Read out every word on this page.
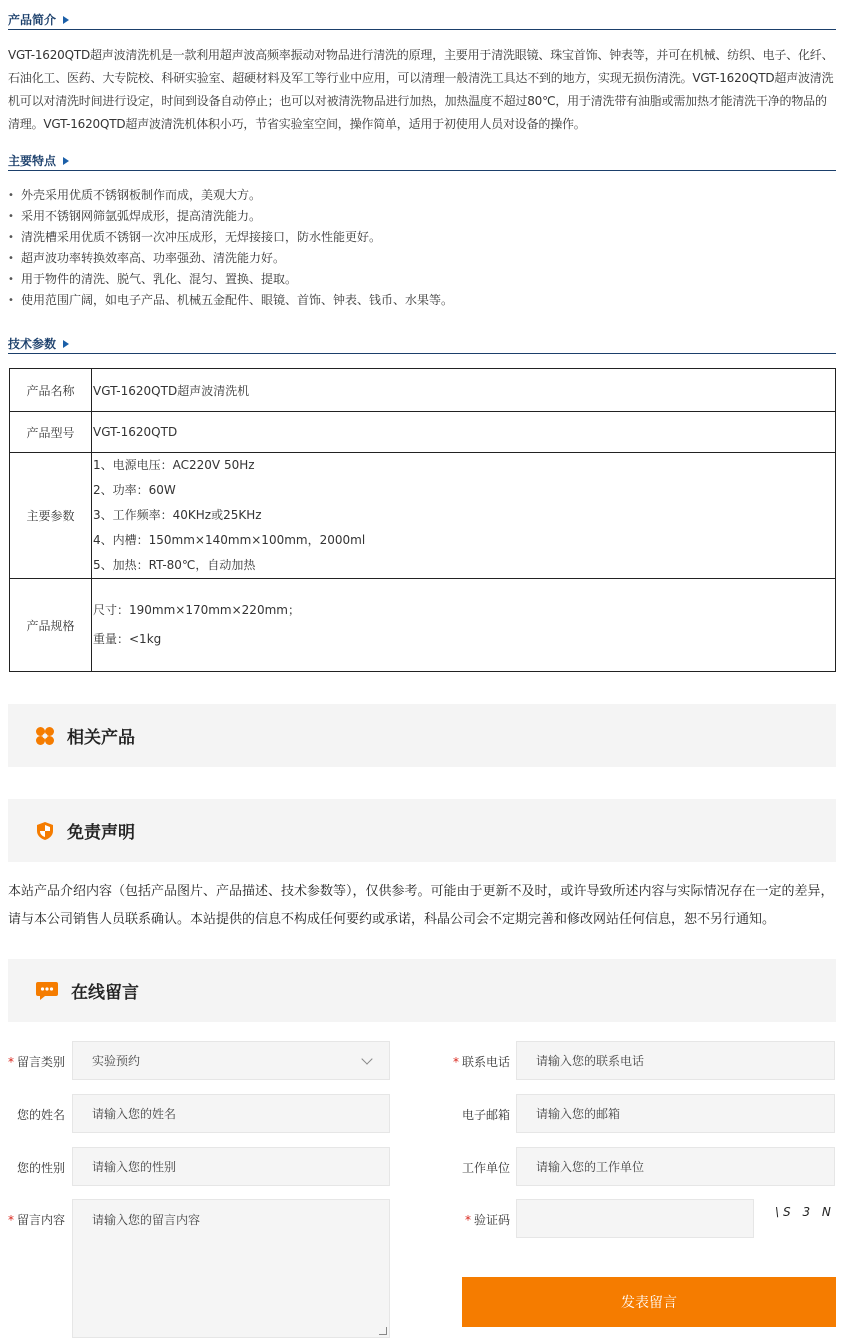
产品简介
VGT-1620QTD超声波清洗机是一款利用超声波高频率振动对物品进行清洗的原理，主要用于清洗眼镜、珠宝首饰、钟表等，并可在机械、纺织、电子、化纤、石油化工、医药、大专院校、科研实验室、超硬材料及军工等行业中应用，可以清理一般清洗工具达不到的地方，实现无损伤清洗。VGT-1620QTD超声波清洗机可以对清洗时间进行设定，时间到设备自动停止；也可以对被清洗物品进行加热，加热温度不超过80℃，用于清洗带有油脂或需加热才能清洗干净的物品的清理。VGT-1620QTD超声波清洗机体积小巧，节省实验室空间，操作简单，适用于初使用人员对设备的操作。
主要特点
• 外壳采用优质不锈钢板制作而成，美观大方。
• 采用不锈钢网筛氩弧焊成形，提高清洗能力。
• 清洗槽采用优质不锈钢一次冲压成形，无焊接接口，防水性能更好。
• 超声波功率转换效率高、功率强劲、清洗能力好。
• 用于物件的清洗、脱气、乳化、混匀、置换、提取。
• 使用范围广阔，如电子产品、机械五金配件、眼镜、首饰、钟表、钱币、水果等。
技术参数
产品名称	VGT-1620QTD超声波清洗机
产品型号	VGT-1620QTD
主要参数	1、电源电压：AC220V 50Hz
2、功率：60W
3、工作频率：40KHz或25KHz
4、内槽：150mm×140mm×100mm，2000ml
5、加热：RT-80℃，自动加热

产品规格	尺寸：190mm×170mm×220mm；
重量：<1kg
相关产品
免责声明
本站产品介绍内容（包括产品图片、产品描述、技术参数等），仅供参考。可能由于更新不及时，或许导致所述内容与实际情况存在一定的差异，请与本公司销售人员联系确认。本站提供的信息不构成任何要约或承诺，科晶公司会不定期完善和修改网站任何信息，恕不另行通知。
在线留言
* 留言类别 实验预约	* 联系电话	请输入您的联系电话
您的姓名	请输入您的姓名	电子邮箱	请输入您的邮箱
您的性别	请输入您的性别	工作单位	请输入您的工作单位
* 留言内容	请输入您的留言内容	* 验证码
\S 3 N
发表留言
